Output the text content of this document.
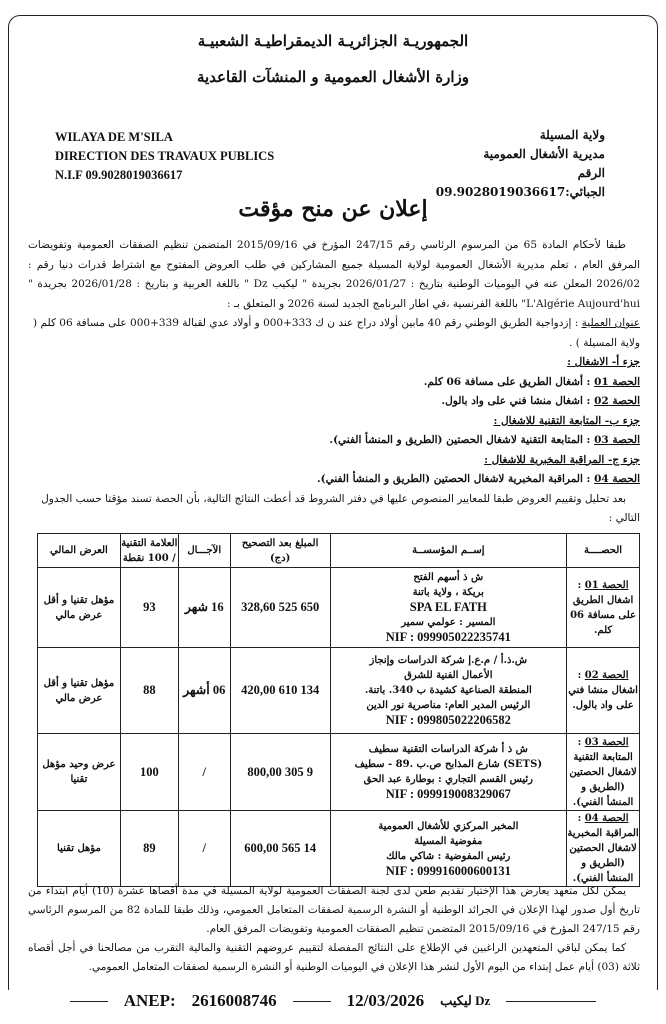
الجمهوريـة الجزائريـة الديمقراطيـة الشعبيـة
وزارة الأشغال العمومية و المنشآت القاعدية
WILAYA DE M'SILA
DIRECTION DES TRAVAUX PUBLICS
N.I.F 09.9028019036617
ولاية المسيلة
مديرية الأشغال العمومية
الرقم الجبائي:09.9028019036617
إعلان عن منح مؤقت

طبقا لأحكام المادة 65 من المرسوم الرئاسي رقم 247/15 المؤرخ في 2015/09/16 المتضمن تنظيم الصفقات العمومية وتفويضات المرفق العام ، تعلم مديرية الأشغال العمومية لولاية المسيلة جميع المشاركين في طلب العروض المفتوح مع اشتراط قدرات دنيا رقم : 2026/02 المعلن عنه في اليوميات الوطنية بتاريخ : 2026/01/27 بجريدة " ليكيب Dz " باللغة العربية و بتاريخ : 2026/01/28 بجريدة " L'Algérie Aujourd'hui" باللغة الفرنسية ،في اطار البرنامج الجديد لسنة 2026 و المتعلق بـ :

عنوان العملية : إزدواجية الطريق الوطني رقم 40 مابين أولاد دراج عند ن ك 333+000 و أولاد عدي لقبالة 339+000 على مسافة 06 كلم ( ولاية المسيلة ) .

جزء أ- الاشغال :

الحصة 01 : أشغال الطريق على مسافة 06 كلم.

الحصة 02 : اشغال منشا فني على واد بالول.

جزء ب- المتابعة التقنية للاشغال :

الحصة 03 : المتابعة التقنية لاشغال الحصتين (الطريق و المنشأ الفني).

جزء ج- المراقبة المخبرية للاشغال :

الحصة 04 : المراقبة المخبرية لاشغال الحصتين (الطريق و المنشأ الفني).

بعد تحليل وتقييم العروض طبقا للمعايير المنصوص عليها في دفتر الشروط قد أعطت النتائج التالية، بأن الحصة تسند مؤقتا حسب الجدول التالي :

الحصــــة	إســم المؤسســة	المبلغ بعد التصحيح (دج)	الآجـــال	العلامة التقنية / 100 نقطة	العرض المالي
الحصة 01 : اشغال الطريق على مسافة 06 كلم.	ش ذ أسهم الفتح
بريكة ، ولاية باتنة
SPA EL FATH
المسير : عولمي سمير
NIF : 099905022235741	650 525 328,60	16 شهر	93	مؤهل تقنيا و أقل عرض مالي
الحصة 02 : اشغال منشا فني على واد بالول.	ش.ذ.أ / م.ع.إ شركة الدراسات وإنجاز
الأعمال الفنية للشرق
المنطقة الصناعية كشيدة ب 340. باتنة.
الرئيس المدير العام: مناصرية نور الدين
NIF : 099805022206582	134 610 420,00	06 أشهر	88	مؤهل تقنيا و أقل عرض مالي
الحصة 03 : المتابعة التقنية لاشغال الحصتين (الطريق و المنشأ الفني).	ش ذ أ شركة الدراسات التقنية سطيف
(SETS) شارع المذابح ص.ب .89 - سطيف
رئيس القسم التجاري : بوطارة عبد الحق
NIF : 099919008329067	9 305 800,00	/	100	عرض وحيد مؤهل تقنيا
الحصة 04 : المراقبة المخبرية لاشغال الحصتين (الطريق و المنشأ الفني).	المخبر المركزي للأشغال العمومية
مفوضية المسيلة
رئيس المفوضية : شاكي مالك
NIF : 099916000600131	14 565 600,00	/	89	مؤهل تقنيا

يمكن لكل متعهد يعارض هذا الإختيار تقديم طعن لدى لجنة الصفقات العمومية لولاية المسيلة في مدة أقصاها عشرة (10) أيام ابتداء من تاريخ أول صدور لهذا الإعلان في الجرائد الوطنية أو النشرة الرسمية لصفقات المتعامل العمومي، وذلك طبقا للمادة 82 من المرسوم الرئاسي رقم 247/15 المؤرخ في 2015/09/16 المتضمن تنظيم الصفقات العمومية وتفويضات المرفق العام.

كما يمكن لباقي المتعهدين الراغبين في الإطلاع على النتائج المفصلة لتقييم عروضهم التقنية والمالية التقرب من مصالحنا في أجل أقصاه ثلاثة (03) أيام عمل إبتداء من اليوم الأول لنشر هذا الإعلان في اليوميات الوطنية أو النشرة الرسمية لصفقات المتعامل العمومي.

ANEP: 2616008746	12/03/2026 ليكيب Dz
